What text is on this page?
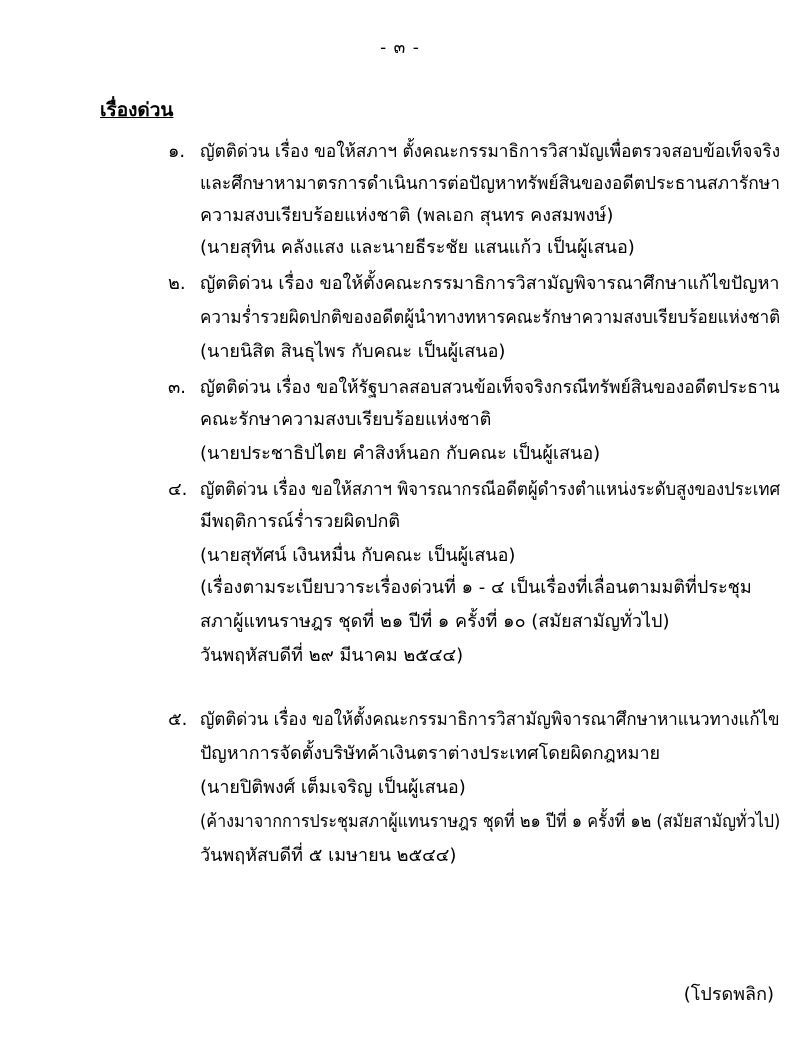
- ๓ -
เรื่องด่วน
๑. ญัตติด่วน เรื่อง ขอให้สภาฯ ตั้งคณะกรรมาธิการวิสามัญเพื่อตรวจสอบข้อเท็จจริง
และศึกษาหามาตรการดำเนินการต่อปัญหาทรัพย์สินของอดีตประธานสภารักษา
ความสงบเรียบร้อยแห่งชาติ (พลเอก สุนทร คงสมพงษ์)
(นายสุทิน คลังแสง และนายธีระชัย แสนแก้ว เป็นผู้เสนอ)
๒. ญัตติด่วน เรื่อง ขอให้ตั้งคณะกรรมาธิการวิสามัญพิจารณาศึกษาแก้ไขปัญหา
ความร่ำรวยผิดปกติของอดีตผู้นำทางทหารคณะรักษาความสงบเรียบร้อยแห่งชาติ
(นายนิสิต สินธุไพร กับคณะ เป็นผู้เสนอ)
๓. ญัตติด่วน เรื่อง ขอให้รัฐบาลสอบสวนข้อเท็จจริงกรณีทรัพย์สินของอดีตประธาน
คณะรักษาความสงบเรียบร้อยแห่งชาติ
(นายประชาธิปไตย คำสิงห์นอก กับคณะ เป็นผู้เสนอ)
๔. ญัตติด่วน เรื่อง ขอให้สภาฯ พิจารณากรณีอดีตผู้ดำรงตำแหน่งระดับสูงของประเทศ
มีพฤติการณ์ร่ำรวยผิดปกติ
(นายสุทัศน์ เงินหมื่น กับคณะ เป็นผู้เสนอ)
(เรื่องตามระเบียบวาระเรื่องด่วนที่ ๑ - ๔ เป็นเรื่องที่เลื่อนตามมติที่ประชุม
สภาผู้แทนราษฎร ชุดที่ ๒๑ ปีที่ ๑ ครั้งที่ ๑๐ (สมัยสามัญทั่วไป)
วันพฤหัสบดีที่ ๒๙ มีนาคม ๒๕๔๔)
๕. ญัตติด่วน เรื่อง ขอให้ตั้งคณะกรรมาธิการวิสามัญพิจารณาศึกษาหาแนวทางแก้ไข
ปัญหาการจัดตั้งบริษัทค้าเงินตราต่างประเทศโดยผิดกฎหมาย
(นายปิติพงศ์ เต็มเจริญ เป็นผู้เสนอ)
(ค้างมาจากการประชุมสภาผู้แทนราษฎร ชุดที่ ๒๑ ปีที่ ๑ ครั้งที่ ๑๒ (สมัยสามัญทั่วไป)
วันพฤหัสบดีที่ ๕ เมษายน ๒๕๔๔)
(โปรดพลิก)
